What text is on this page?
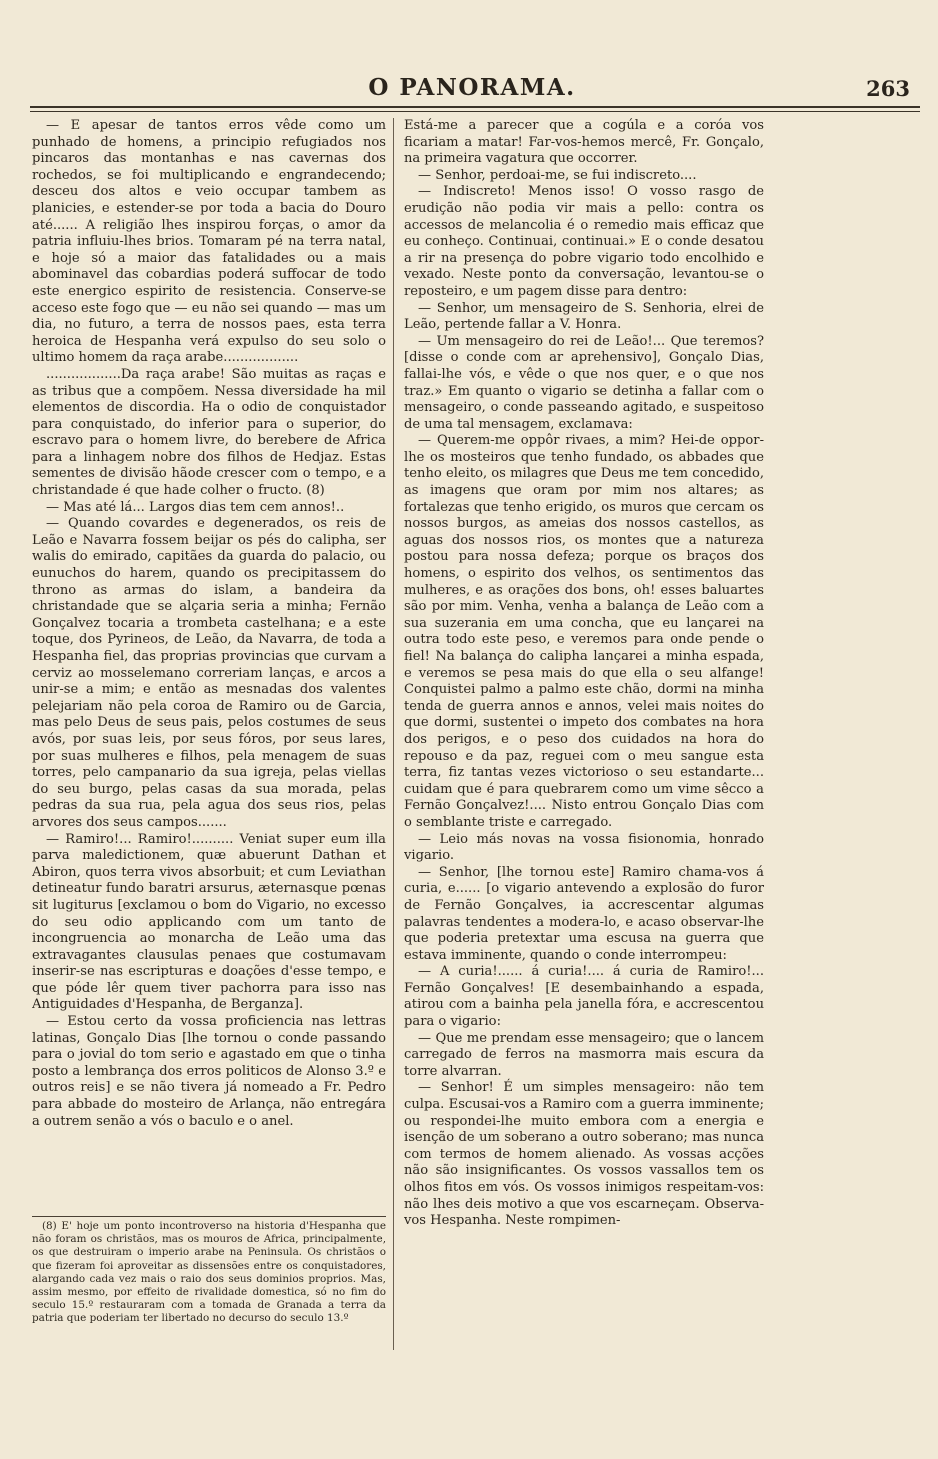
O PANORAMA.	263

— E apesar de tantos erros vêde como um punhado de homens, a principio refugiados nos pincaros das montanhas e nas cavernas dos rochedos, se foi multiplicando e engrandecendo; desceu dos altos e veio occupar tambem as planicies, e estender-se por toda a bacia do Douro até...... A religião lhes inspirou forças, o amor da patria influiu-lhes brios. Tomaram pé na terra natal, e hoje só a maior das fatalidades ou a mais abominavel das cobardias poderá suffocar de todo este energico espirito de resistencia. Conserve-se acceso este fogo que — eu não sei quando — mas um dia, no futuro, a terra de nossos paes, esta terra heroica de Hespanha verá expulso do seu solo o ultimo homem da raça arabe..................

..................Da raça arabe! São muitas as raças e as tribus que a compõem. Nessa diversidade ha mil elementos de discordia. Ha o odio de conquistador para conquistado, do inferior para o superior, do escravo para o homem livre, do berebere de Africa para a linhagem nobre dos filhos de Hedjaz. Estas sementes de divisão hãode crescer com o tempo, e a christandade é que hade colher o fructo. (8)

— Mas até lá... Largos dias tem cem annos!..

— Quando covardes e degenerados, os reis de Leão e Navarra fossem beijar os pés do calipha, ser walis do emirado, capitães da guarda do palacio, ou eunuchos do harem, quando os precipitassem do throno as armas do islam, a bandeira da christandade que se alçaria seria a minha; Fernão Gonçalvez tocaria a trombeta castelhana; e a este toque, dos Pyrineos, de Leão, da Navarra, de toda a Hespanha fiel, das proprias provincias que curvam a cerviz ao mosselemano correriam lanças, e arcos a unir-se a mim; e então as mesnadas dos valentes pelejariam não pela coroa de Ramiro ou de Garcia, mas pelo Deus de seus pais, pelos costumes de seus avós, por suas leis, por seus fóros, por seus lares, por suas mulheres e filhos, pela menagem de suas torres, pelo campanario da sua igreja, pelas viellas do seu burgo, pelas casas da sua morada, pelas pedras da sua rua, pela agua dos seus rios, pelas arvores dos seus campos.......

— Ramiro!... Ramiro!.......... Veniat super eum illa parva maledictionem, quæ abuerunt Dathan et Abiron, quos terra vivos absorbuit; et cum Leviathan detineatur fundo baratri arsurus, æternasque pœnas sit lugiturus [exclamou o bom do Vigario, no excesso do seu odio applicando com um tanto de incongruencia ao monarcha de Leão uma das extravagantes clausulas penaes que costumavam inserir-se nas escripturas e doações d'esse tempo, e que póde lêr quem tiver pachorra para isso nas Antiguidades d'Hespanha, de Berganza].

— Estou certo da vossa proficiencia nas lettras latinas, Gonçalo Dias [lhe tornou o conde passando para o jovial do tom serio e agastado em que o tinha posto a lembrança dos erros politicos de Alonso 3.º e outros reis] e se não tivera já nomeado a Fr. Pedro para abbade do mosteiro de Arlança, não entregára a outrem senão a vós o baculo e o anel.

(8) E' hoje um ponto incontroverso na historia d'Hespanha que não foram os christãos, mas os mouros de Africa, principalmente, os que destruiram o imperio arabe na Peninsula. Os christãos o que fizeram foi aproveitar as dissensões entre os conquistadores, alargando cada vez mais o raio dos seus dominios proprios. Mas, assim mesmo, por effeito de rivalidade domestica, só no fim do seculo 15.º restauraram com a tomada de Granada a terra da patria que poderiam ter libertado no decurso do seculo 13.º

Está-me a parecer que a cogúla e a coróa vos ficariam a matar! Far-vos-hemos mercê, Fr. Gonçalo, na primeira vagatura que occorrer.

— Senhor, perdoai-me, se fui indiscreto....

— Indiscreto! Menos isso! O vosso rasgo de erudição não podia vir mais a pello: contra os accessos de melancolia é o remedio mais efficaz que eu conheço. Continuai, continuai.» E o conde desatou a rir na presença do pobre vigario todo encolhido e vexado. Neste ponto da conversação, levantou-se o reposteiro, e um pagem disse para dentro:

— Senhor, um mensageiro de S. Senhoria, elrei de Leão, pertende fallar a V. Honra.

— Um mensageiro do rei de Leão!... Que teremos? [disse o conde com ar aprehensivo], Gonçalo Dias, fallai-lhe vós, e vêde o que nos quer, e o que nos traz.» Em quanto o vigario se detinha a fallar com o mensageiro, o conde passeando agitado, e suspeitoso de uma tal mensagem, exclamava:

— Querem-me oppôr rivaes, a mim? Hei-de oppor-lhe os mosteiros que tenho fundado, os abbades que tenho eleito, os milagres que Deus me tem concedido, as imagens que oram por mim nos altares; as fortalezas que tenho erigido, os muros que cercam os nossos burgos, as ameias dos nossos castellos, as aguas dos nossos rios, os montes que a natureza postou para nossa defeza; porque os braços dos homens, o espirito dos velhos, os sentimentos das mulheres, e as orações dos bons, oh! esses baluartes são por mim. Venha, venha a balança de Leão com a sua suzerania em uma concha, que eu lançarei na outra todo este peso, e veremos para onde pende o fiel! Na balança do calipha lançarei a minha espada, e veremos se pesa mais do que ella o seu alfange! Conquistei palmo a palmo este chão, dormi na minha tenda de guerra annos e annos, velei mais noites do que dormi, sustentei o impeto dos combates na hora dos perigos, e o peso dos cuidados na hora do repouso e da paz, reguei com o meu sangue esta terra, fiz tantas vezes victorioso o seu estandarte... cuidam que é para quebrarem como um vime sêcco a Fernão Gonçalvez!.... Nisto entrou Gonçalo Dias com o semblante triste e carregado.

— Leio más novas na vossa fisionomia, honrado vigario.

— Senhor, [lhe tornou este] Ramiro chama-vos á curia, e...... [o vigario antevendo a explosão do furor de Fernão Gonçalves, ia accrescentar algumas palavras tendentes a modera-lo, e acaso observar-lhe que poderia pretextar uma escusa na guerra que estava imminente, quando o conde interrompeu:

— A curia!...... á curia!.... á curia de Ramiro!... Fernão Gonçalves! [E desembainhando a espada, atirou com a bainha pela janella fóra, e accrescentou para o vigario:

— Que me prendam esse mensageiro; que o lancem carregado de ferros na masmorra mais escura da torre alvarran.

— Senhor! É um simples mensageiro: não tem culpa. Escusai-vos a Ramiro com a guerra imminente; ou respondei-lhe muito embora com a energia e isenção de um soberano a outro soberano; mas nunca com termos de homem alienado. As vossas acções não são insignificantes. Os vossos vassallos tem os olhos fitos em vós. Os vossos inimigos respeitam-vos: não lhes deis motivo a que vos escarneçam. Observa-vos Hespanha. Neste rompimen-
